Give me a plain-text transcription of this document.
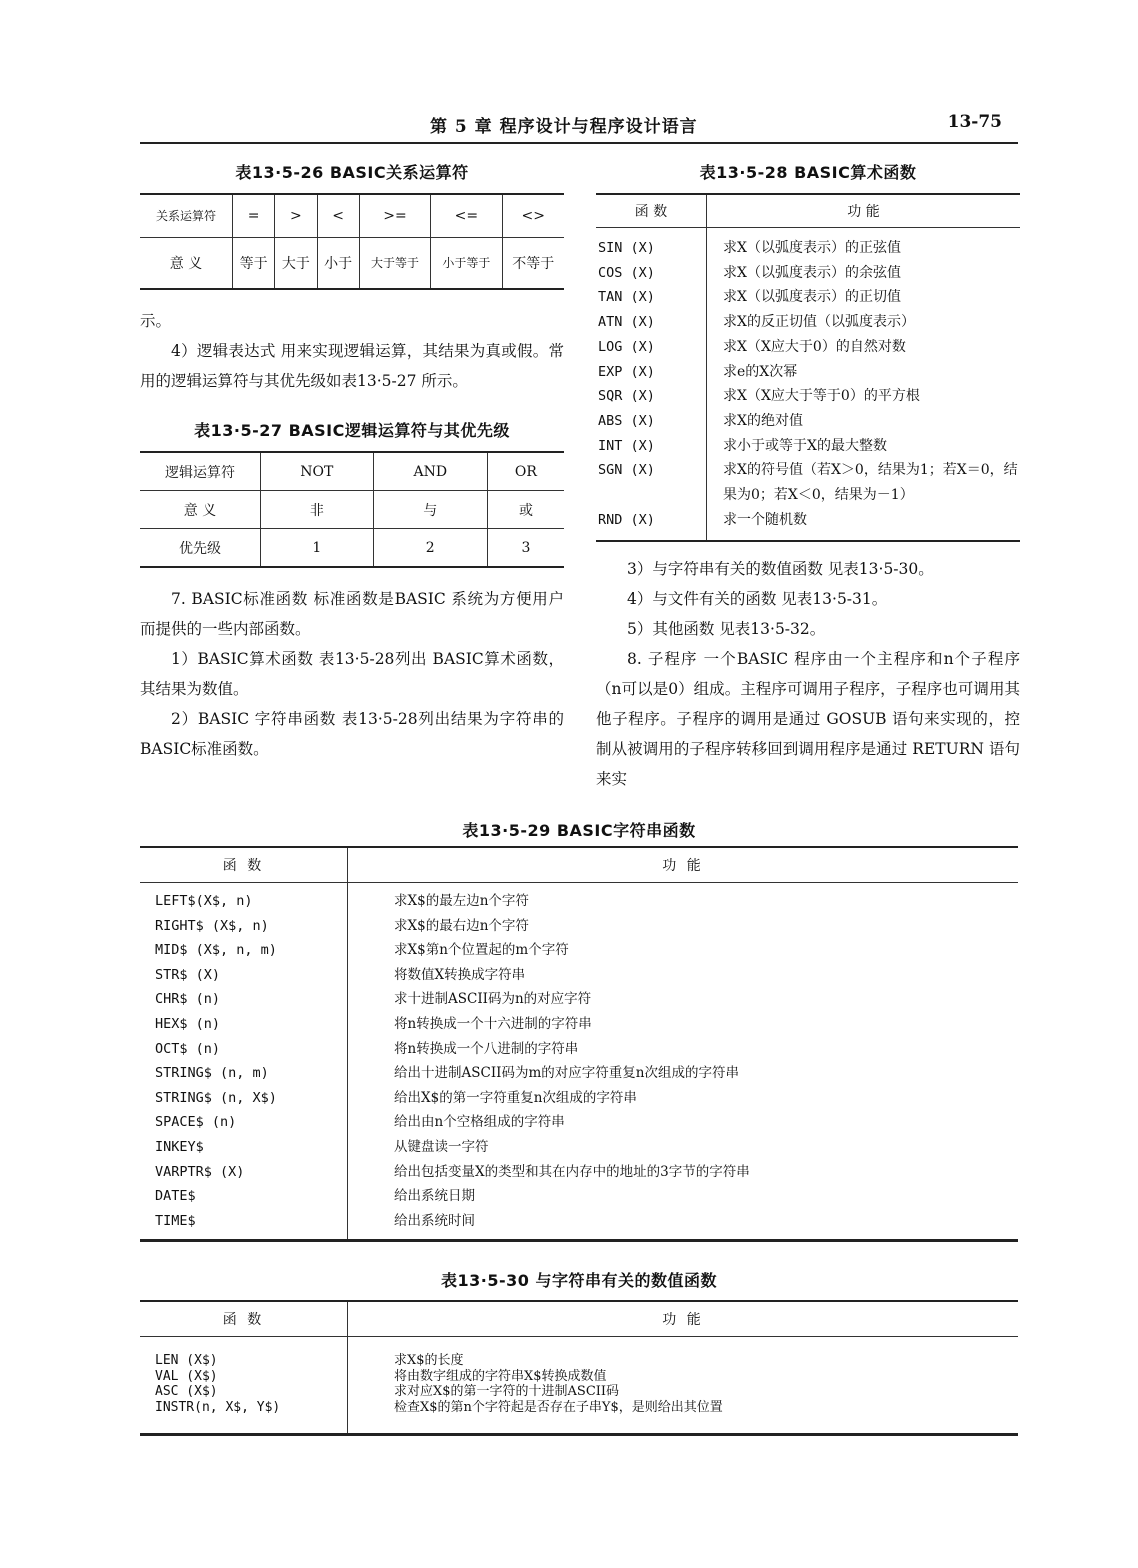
第 5 章 程序设计与程序设计语言	13-75
表13·5-26 BASIC关系运算符
关系运算符	=	>	<	>=	<=	<>
意 义	等于	大于	小于	大于等于	小于等于	不等于

示。

4）逻辑表达式 用来实现逻辑运算，其结果为真或假。常用的逻辑运算符与其优先级如表13·5-27 所示。

表13·5-27 BASIC逻辑运算符与其优先级
逻辑运算符	NOT	AND	OR
意 义	非	与	或
优先级	1	2	3

7. BASIC标准函数 标准函数是BASIC 系统为方便用户而提供的一些内部函数。

1）BASIC算术函数 表13·5-28列出 BASIC算术函数，其结果为数值。

2）BASIC 字符串函数 表13·5-28列出结果为字符串的BASIC标准函数。

表13·5-28 BASIC算术函数
函 数	功 能
SIN (X)	求X（以弧度表示）的正弦值
COS (X)	求X（以弧度表示）的余弦值
TAN (X)	求X（以弧度表示）的正切值
ATN (X)	求X的反正切值（以弧度表示）
LOG (X)	求X（X应大于0）的自然对数
EXP (X)	求e的X次幂
SQR (X)	求X（X应大于等于0）的平方根
ABS (X)	求X的绝对值
INT (X)	求小于或等于X的最大整数
SGN (X)	求X的符号值（若X＞0，结果为1；若X＝0，结果为0；若X＜0，结果为－1）
RND (X)	求一个随机数

3）与字符串有关的数值函数 见表13·5-30。

4）与文件有关的函数 见表13·5-31。

5）其他函数 见表13·5-32。

8. 子程序 一个BASIC 程序由一个主程序和n个子程序（n可以是0）组成。主程序可调用子程序，子程序也可调用其他子程序。子程序的调用是通过 GOSUB 语句来实现的，控制从被调用的子程序转移回到调用程序是通过 RETURN 语句来实

表13·5-29 BASIC字符串函数
函 数	功 能
LEFT$(X$, n)	求X$的最左边n个字符
RIGHT$ (X$, n)	求X$的最右边n个字符
MID$ (X$, n, m)	求X$第n个位置起的m个字符
STR$ (X)	将数值X转换成字符串
CHR$ (n)	求十进制ASCII码为n的对应字符
HEX$ (n)	将n转换成一个十六进制的字符串
OCT$ (n)	将n转换成一个八进制的字符串
STRING$ (n, m)	给出十进制ASCII码为m的对应字符重复n次组成的字符串
STRING$ (n, X$)	给出X$的第一字符重复n次组成的字符串
SPACE$ (n)	给出由n个空格组成的字符串
INKEY$	从键盘读一字符
VARPTR$ (X)	给出包括变量X的类型和其在内存中的地址的3字节的字符串
DATE$	给出系统日期
TIME$	给出系统时间
表13·5-30 与字符串有关的数值函数
函 数	功 能
LEN (X$)	求X$的长度
VAL (X$)	将由数字组成的字符串X$转换成数值
ASC (X$)	求对应X$的第一字符的十进制ASCII码
INSTR(n, X$, Y$)	检查X$的第n个字符起是否存在子串Y$，是则给出其位置
